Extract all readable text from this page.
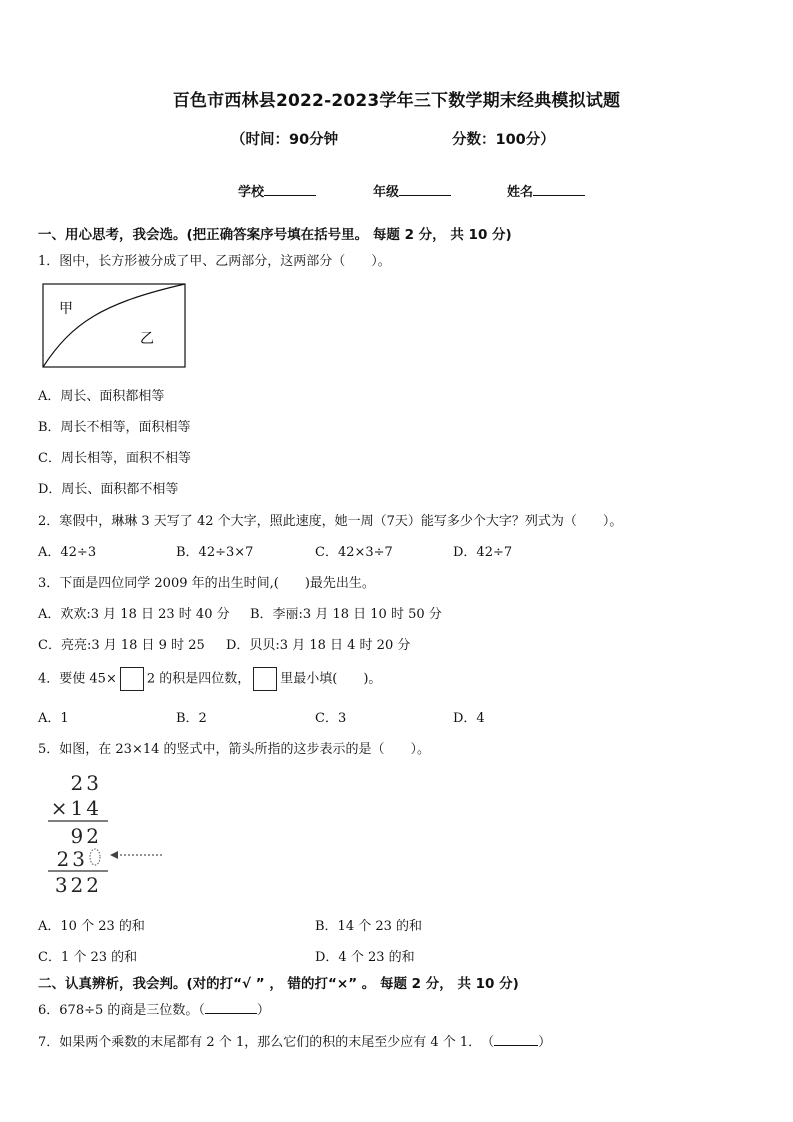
百色市西林县2022-2023学年三下数学期末经典模拟试题
（时间：90分钟	分数：100分）
学校	年级	姓名
一、用心思考，我会选。(把正确答案序号填在括号里。 每题 2 分， 共 10 分)
1．图中，长方形被分成了甲、乙两部分，这两部分（　　）。
甲
乙
A．周长、面积都相等
B．周长不相等，面积相等
C．周长相等，面积不相等
D．周长、面积都不相等
2．寒假中，琳琳 3 天写了 42 个大字，照此速度，她一周（7天）能写多少个大字？列式为（　　）。
A．42÷3	B．42÷3×7	C．42×3÷7	D．42÷7
3．下面是四位同学 2009 年的出生时间,(　　)最先出生。
A．欢欢:3 月 18 日 23 时 40 分 B．李丽:3 月 18 日 10 时 50 分
C．亮亮:3 月 18 日 9 时 25 D．贝贝:3 月 18 日 4 时 20 分
4．要使 45× 2 的积是四位数， 里最小填(　　)。
A．1	B．2	C．3	D．4
5．如图，在 23×14 的竖式中，箭头所指的这步表示的是（　　）。
23
×14
92
23
322
A．10 个 23 的和	B．14 个 23 的和
C．1 个 23 的和	D．4 个 23 的和
二、认真辨析，我会判。(对的打“√ ” ， 错的打“×” 。 每题 2 分， 共 10 分)
6．678÷5 的商是三位数。（	）
7．如果两个乘数的末尾都有 2 个 1，那么它们的积的末尾至少应有 4 个 1．　（	）
